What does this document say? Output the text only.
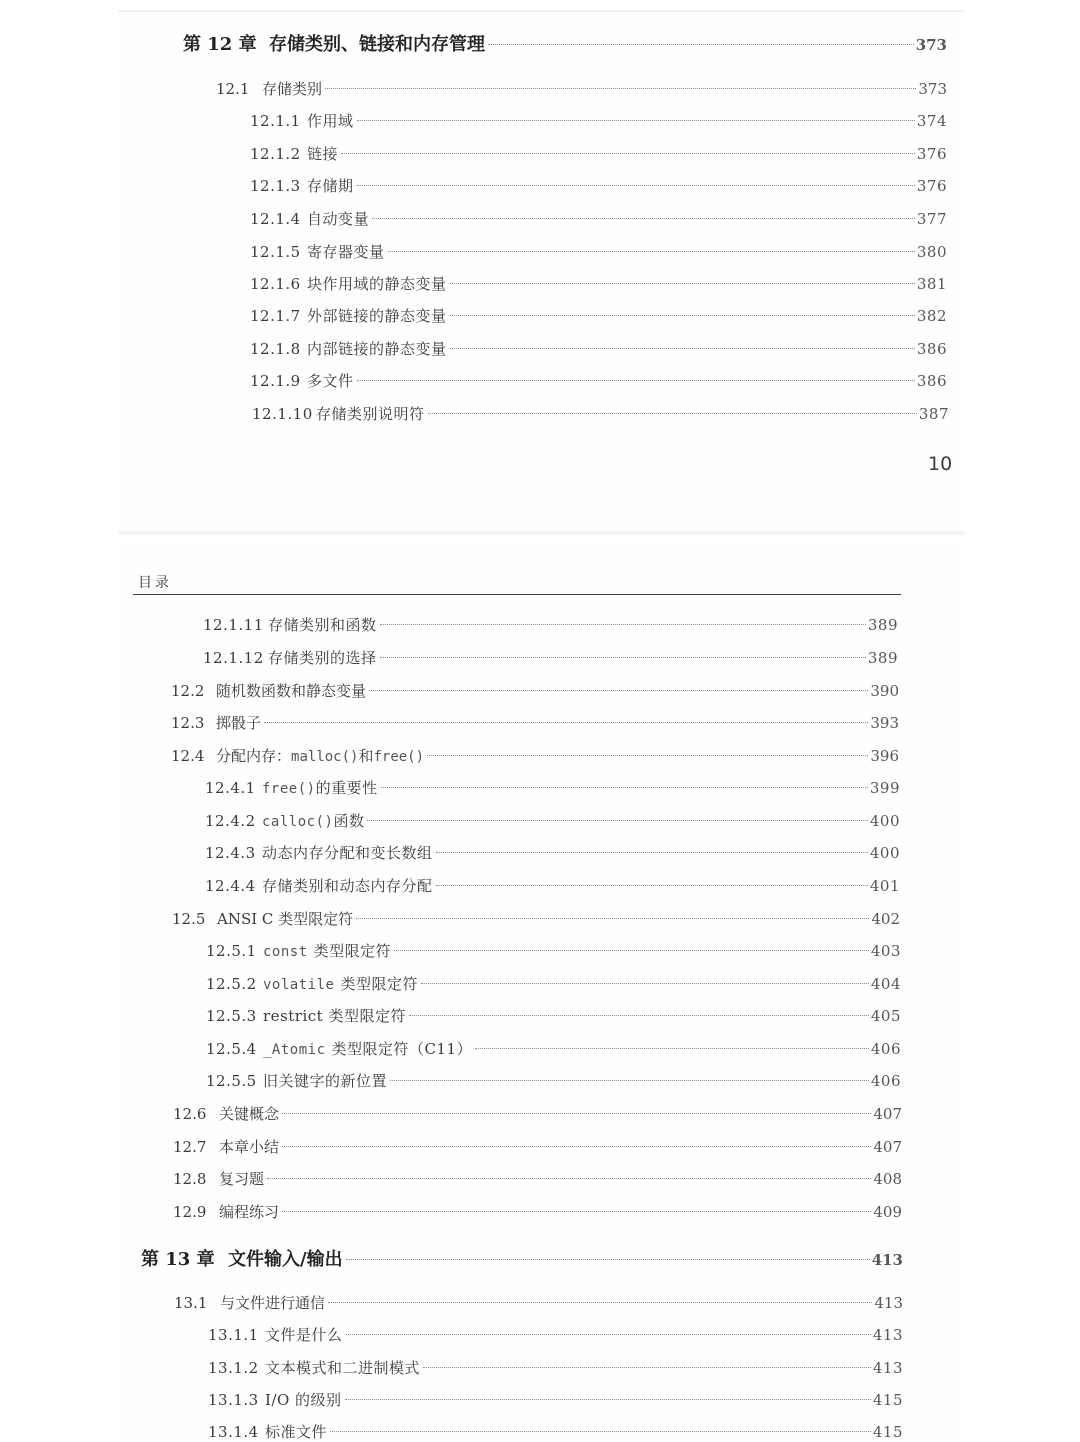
第 12 章 存储类别、链接和内存管理	373
12.1 存储类别	373
12.1.1 作用域	374
12.1.2 链接	376
12.1.3 存储期	376
12.1.4 自动变量	377
12.1.5 寄存器变量	380
12.1.6 块作用域的静态变量	381
12.1.7 外部链接的静态变量	382
12.1.8 内部链接的静态变量	386
12.1.9 多文件	386
12.1.10 存储类别说明符	387
10
目录
12.1.11 存储类别和函数	389
12.1.12 存储类别的选择	389
12.2 随机数函数和静态变量	390
12.3 掷骰子	393
12.4 分配内存： malloc() 和 free()	396
12.4.1 free() 的重要性	399
12.4.2 calloc() 函数	400
12.4.3 动态内存分配和变长数组	400
12.4.4 存储类别和动态内存分配	401
12.5 ANSI C 类型限定符	402
12.5.1 const 类型限定符	403
12.5.2 volatile 类型限定符	404
12.5.3 restrict 类型限定符	405
12.5.4 _Atomic 类型限定符（C11）	406
12.5.5 旧关键字的新位置	406
12.6 关键概念	407
12.7 本章小结	407
12.8 复习题	408
12.9 编程练习	409
第 13 章 文件输入/输出	413
13.1 与文件进行通信	413
13.1.1 文件是什么	413
13.1.2 文本模式和二进制模式	413
13.1.3 I/O 的级别	415
13.1.4 标准文件	415
